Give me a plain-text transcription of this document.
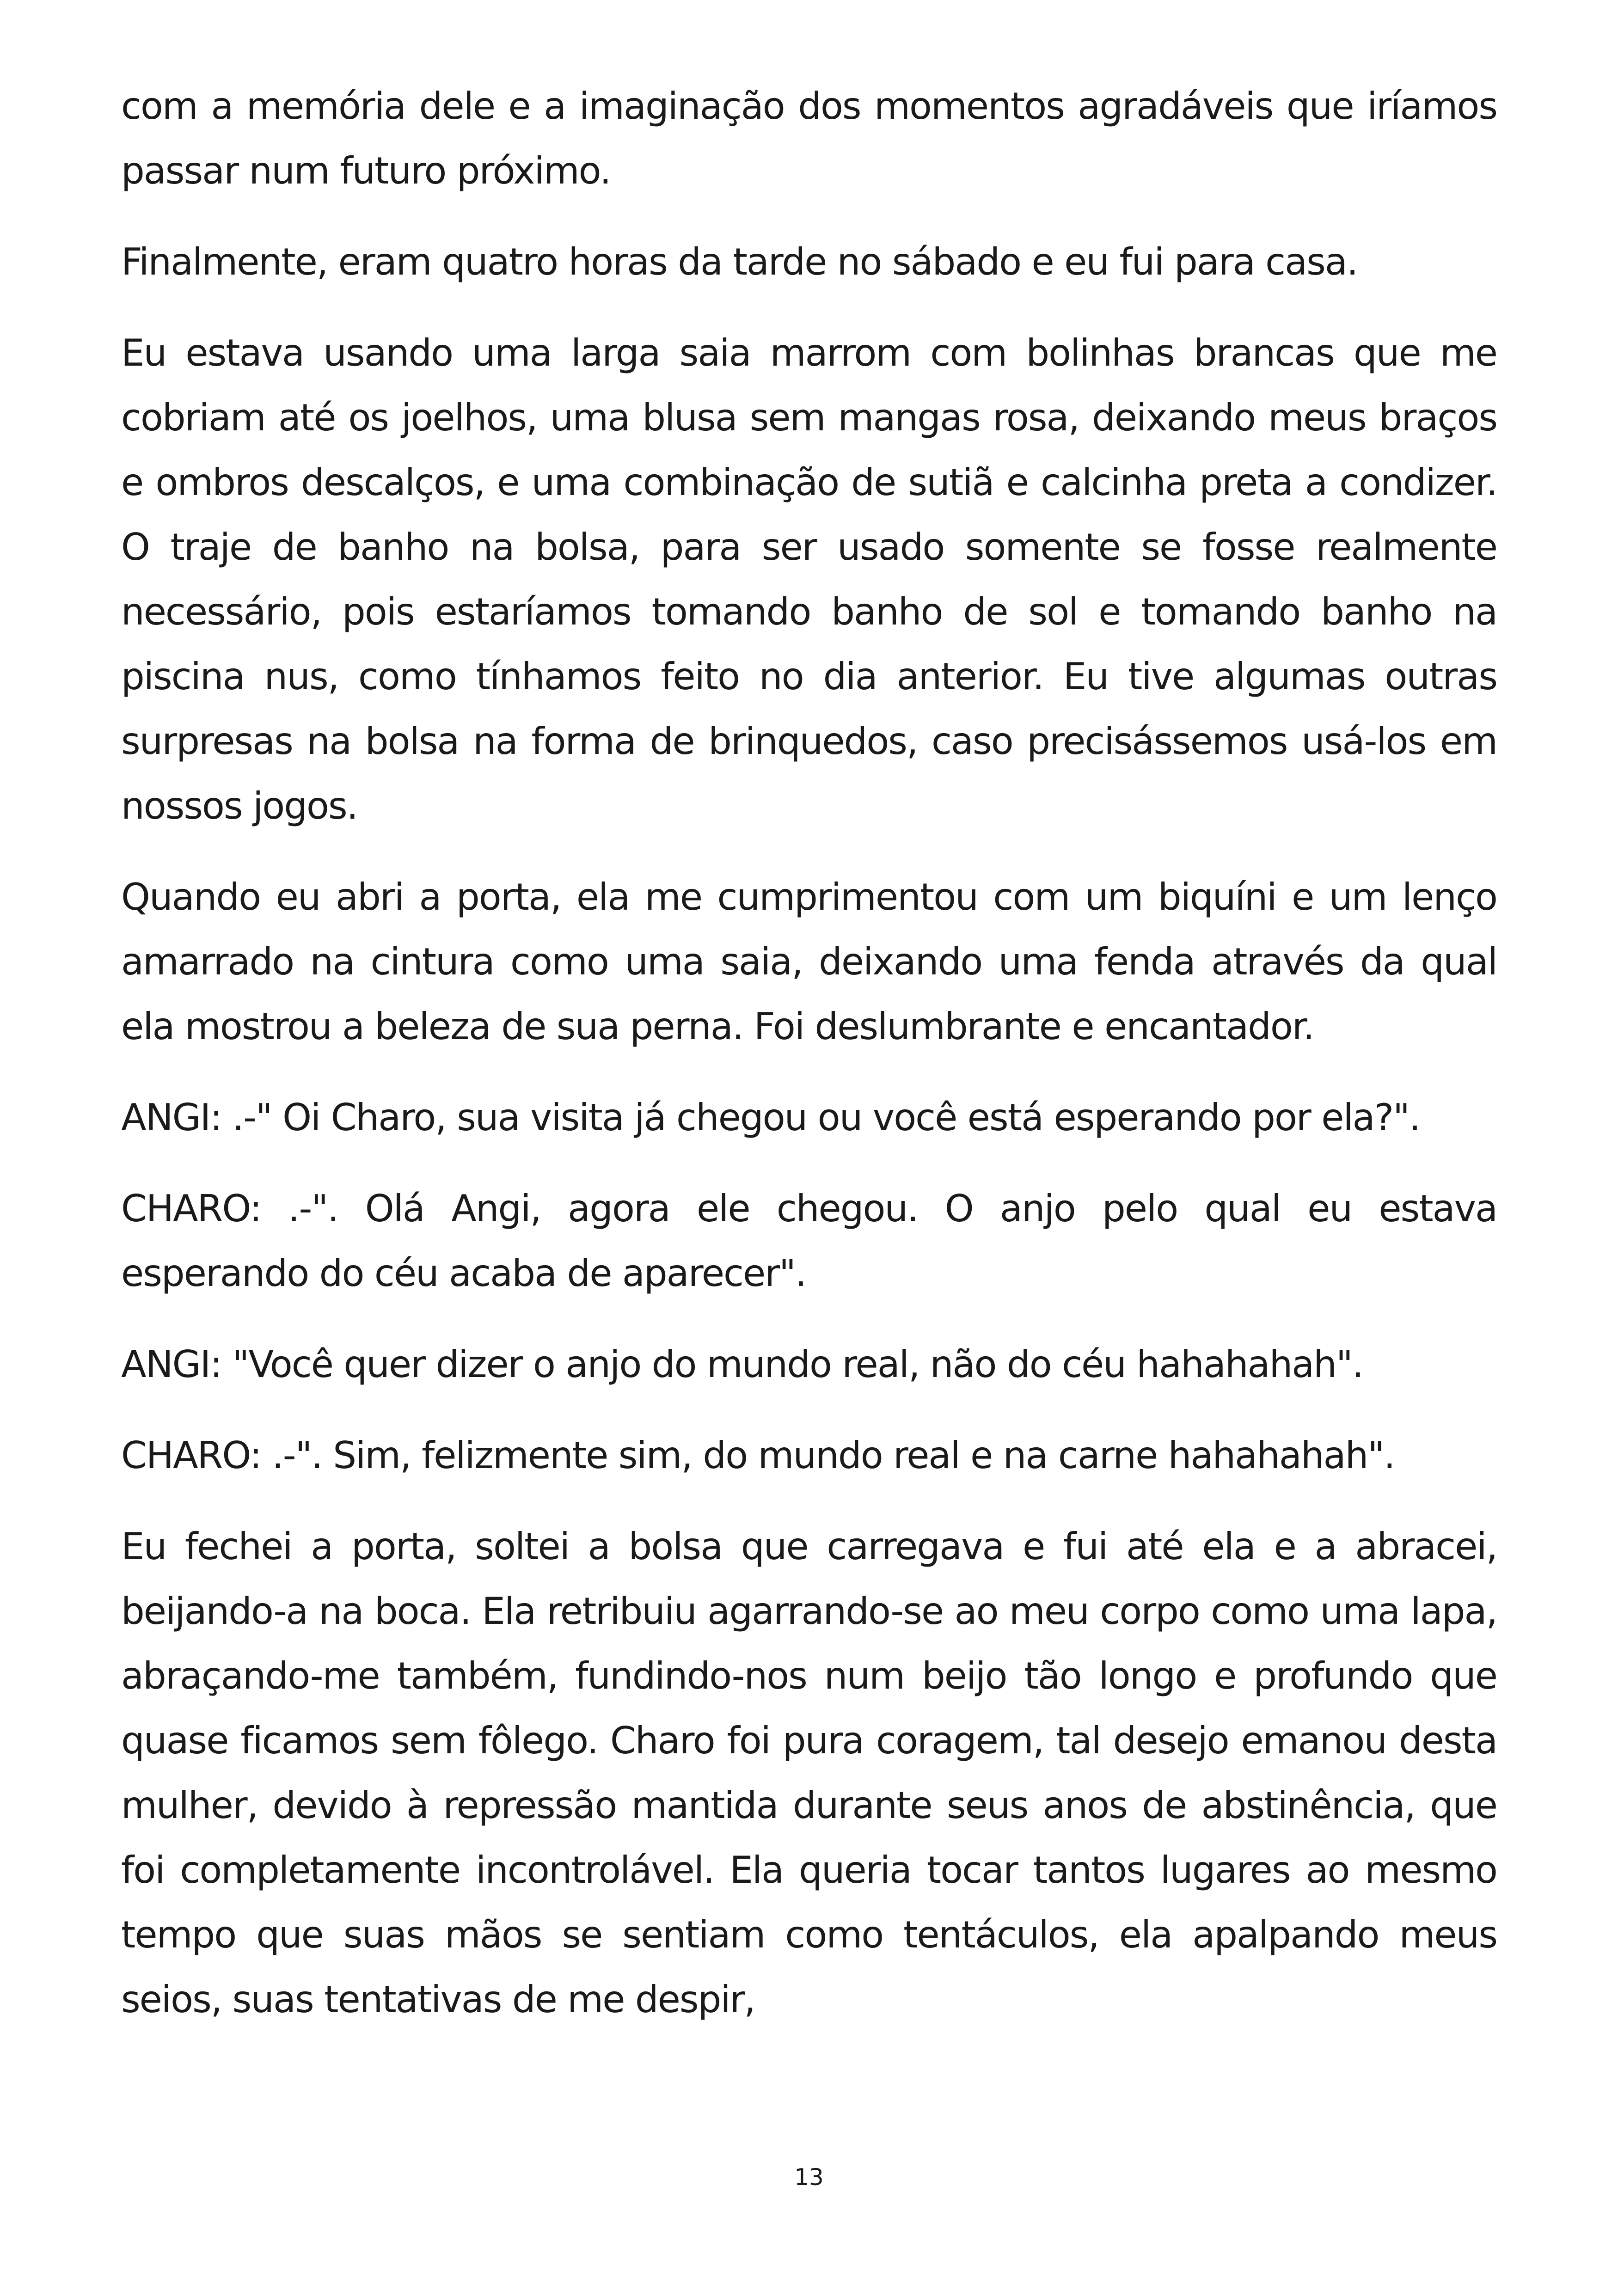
com a memória dele e a imaginação dos momentos agradáveis que iríamos passar num futuro próximo.

Finalmente, eram quatro horas da tarde no sábado e eu fui para casa.

Eu estava usando uma larga saia marrom com bolinhas brancas que me cobriam até os joelhos, uma blusa sem mangas rosa, deixando meus braços e ombros descalços, e uma combinação de sutiã e calcinha preta a condizer. O traje de banho na bolsa, para ser usado somente se fosse realmente necessário, pois estaríamos tomando banho de sol e tomando banho na piscina nus, como tínhamos feito no dia anterior. Eu tive algumas outras surpresas na bolsa na forma de brinquedos, caso precisássemos usá-los em nossos jogos.

Quando eu abri a porta, ela me cumprimentou com um biquíni e um lenço amarrado na cintura como uma saia, deixando uma fenda através da qual ela mostrou a beleza de sua perna. Foi deslumbrante e encantador.

ANGI: .-" Oi Charo, sua visita já chegou ou você está esperando por ela?".

CHARO: .-". Olá Angi, agora ele chegou. O anjo pelo qual eu estava esperando do céu acaba de aparecer".

ANGI: "Você quer dizer o anjo do mundo real, não do céu hahahahah".

CHARO: .-". Sim, felizmente sim, do mundo real e na carne hahahahah".

Eu fechei a porta, soltei a bolsa que carregava e fui até ela e a abracei, beijando-a na boca. Ela retribuiu agarrando-se ao meu corpo como uma lapa, abraçando-me também, fundindo-nos num beijo tão longo e profundo que quase ficamos sem fôlego. Charo foi pura coragem, tal desejo emanou desta mulher, devido à repressão mantida durante seus anos de abstinência, que foi completamente incontrolável. Ela queria tocar tantos lugares ao mesmo tempo que suas mãos se sentiam como tentáculos, ela apalpando meus seios, suas tentativas de me despir,

13
